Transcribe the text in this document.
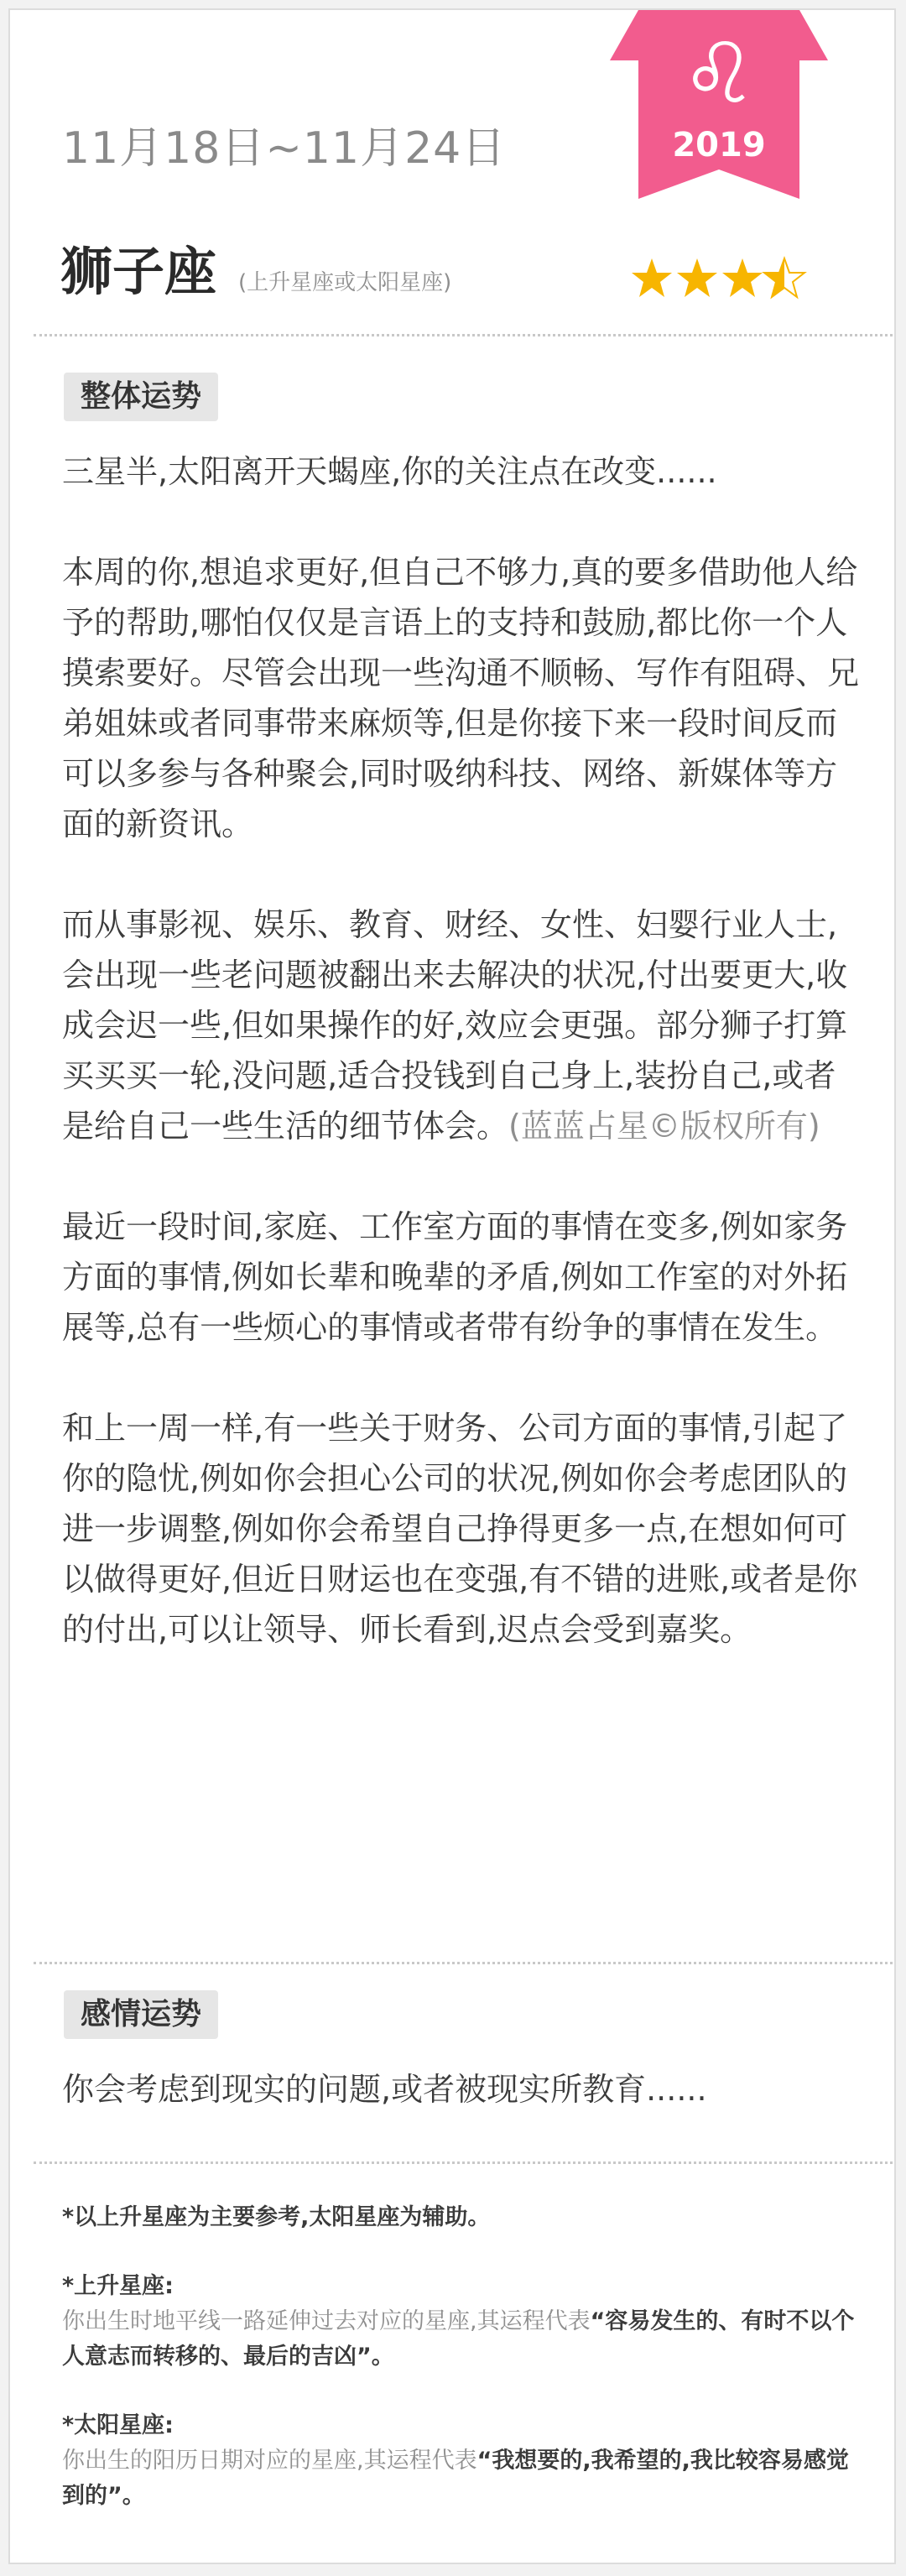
♌
2019
11月18日~11月24日
狮子座 (上升星座或太阳星座)
整体运势

三星半,太阳离开天蝎座,你的关注点在改变......

本周的你,想追求更好,但自己不够力,真的要多借助他人给予的帮助,哪怕仅仅是言语上的支持和鼓励,都比你一个人摸索要好。尽管会出现一些沟通不顺畅、写作有阻碍、兄弟姐妹或者同事带来麻烦等,但是你接下来一段时间反而可以多参与各种聚会,同时吸纳科技、网络、新媒体等方面的新资讯。

而从事影视、娱乐、教育、财经、女性、妇婴行业人士,会出现一些老问题被翻出来去解决的状况,付出要更大,收成会迟一些,但如果操作的好,效应会更强。部分狮子打算买买买一轮,没问题,适合投钱到自己身上,装扮自己,或者是给自己一些生活的细节体会。(蓝蓝占星©版权所有)

最近一段时间,家庭、工作室方面的事情在变多,例如家务方面的事情,例如长辈和晚辈的矛盾,例如工作室的对外拓展等,总有一些烦心的事情或者带有纷争的事情在发生。

和上一周一样,有一些关于财务、公司方面的事情,引起了你的隐忧,例如你会担心公司的状况,例如你会考虑团队的进一步调整,例如你会希望自己挣得更多一点,在想如何可以做得更好,但近日财运也在变强,有不错的进账,或者是你的付出,可以让领导、师长看到,迟点会受到嘉奖。

感情运势
你会考虑到现实的问题,或者被现实所教育......
*以上升星座为主要参考,太阳星座为辅助。
*上升星座:
你出生时地平线一路延伸过去对应的星座,其运程代表“容易发生的、有时不以个人意志而转移的、最后的吉凶”。
*太阳星座:
你出生的阳历日期对应的星座,其运程代表“我想要的,我希望的,我比较容易感觉到的”。
